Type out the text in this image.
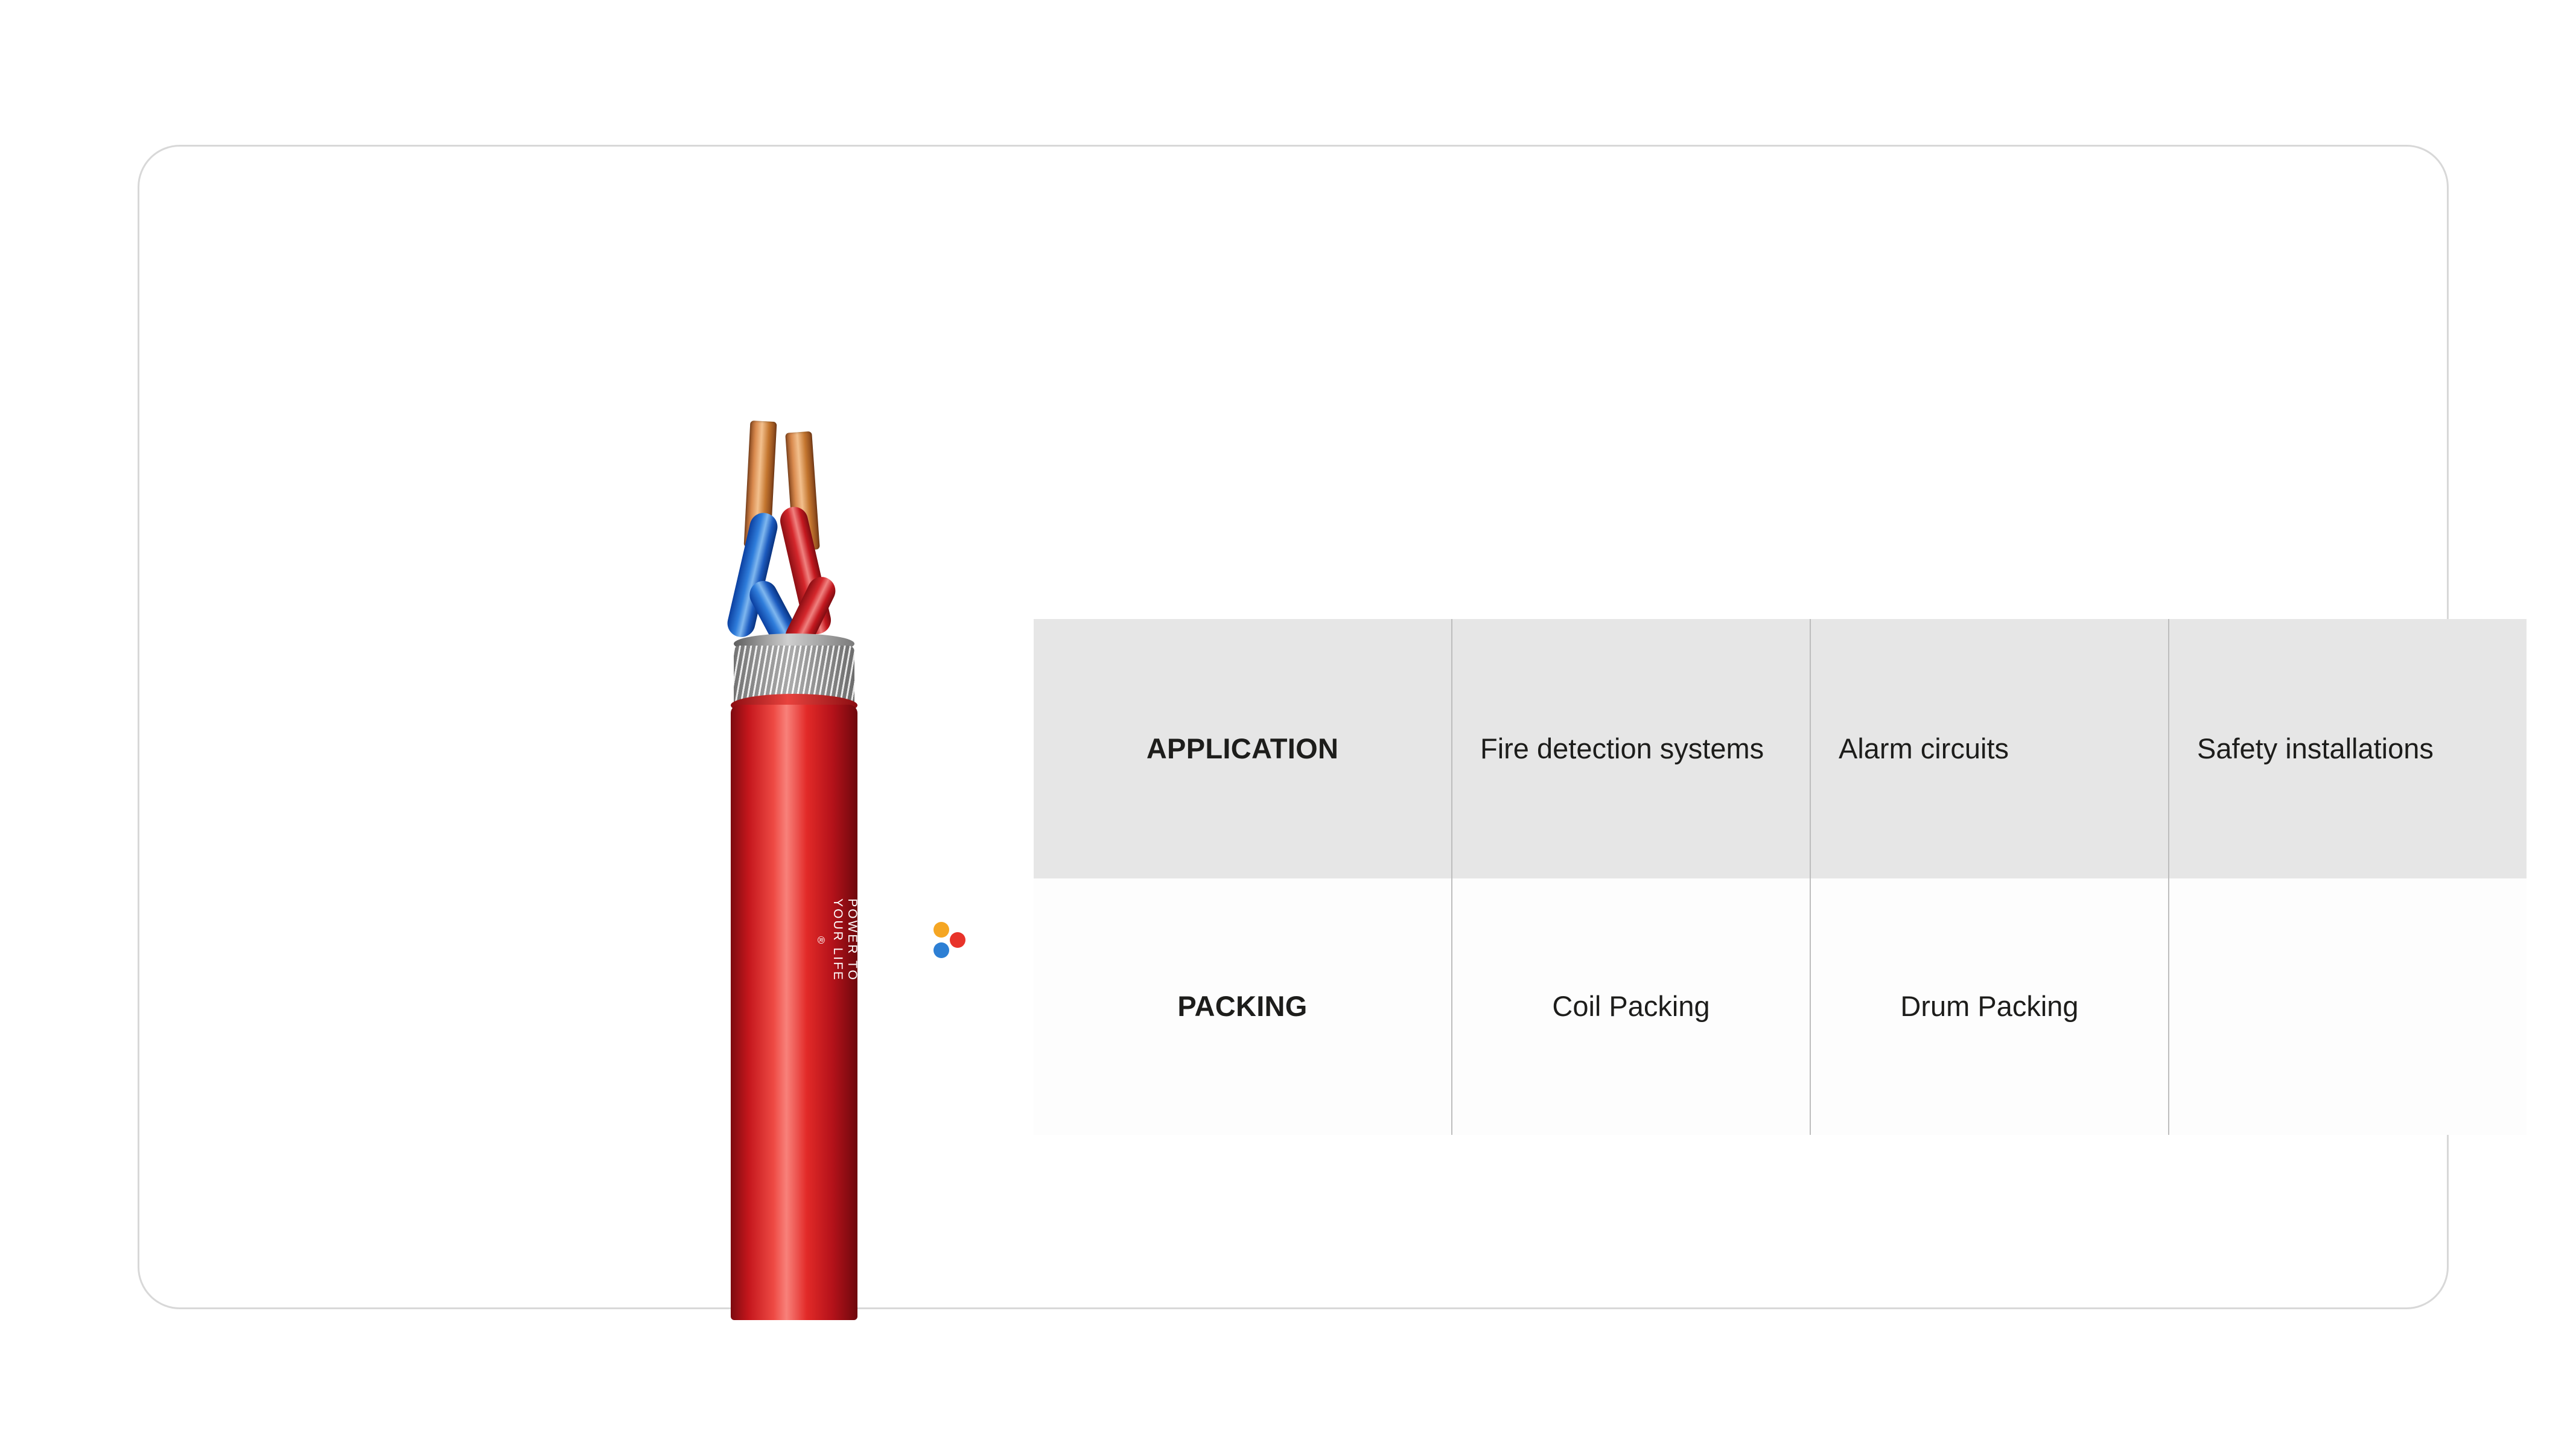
ADCAB
ADDING POWER TO YOUR LIFE
®
APPLICATION	Fire detection systems	Alarm circuits	Safety installations
PACKING	Coil Packing	Drum Packing	
